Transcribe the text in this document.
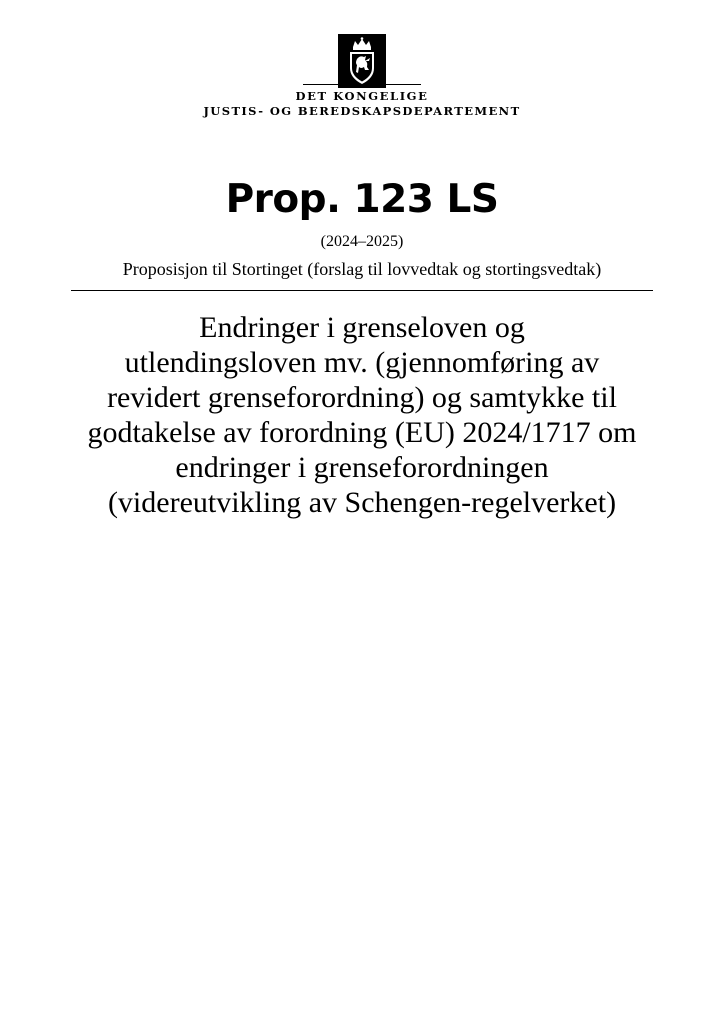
DET KONGELIGE
JUSTIS- OG BEREDSKAPSDEPARTEMENT
Prop. 123 LS
(2024–2025)
Proposisjon til Stortinget (forslag til lovvedtak og stortingsvedtak)
Endringer i grenseloven og
utlendingsloven mv. (gjennomføring av
revidert grenseforordning) og samtykke til
godtakelse av forordning (EU) 2024/1717 om
endringer i grenseforordningen
(videreutvikling av Schengen-regelverket)
